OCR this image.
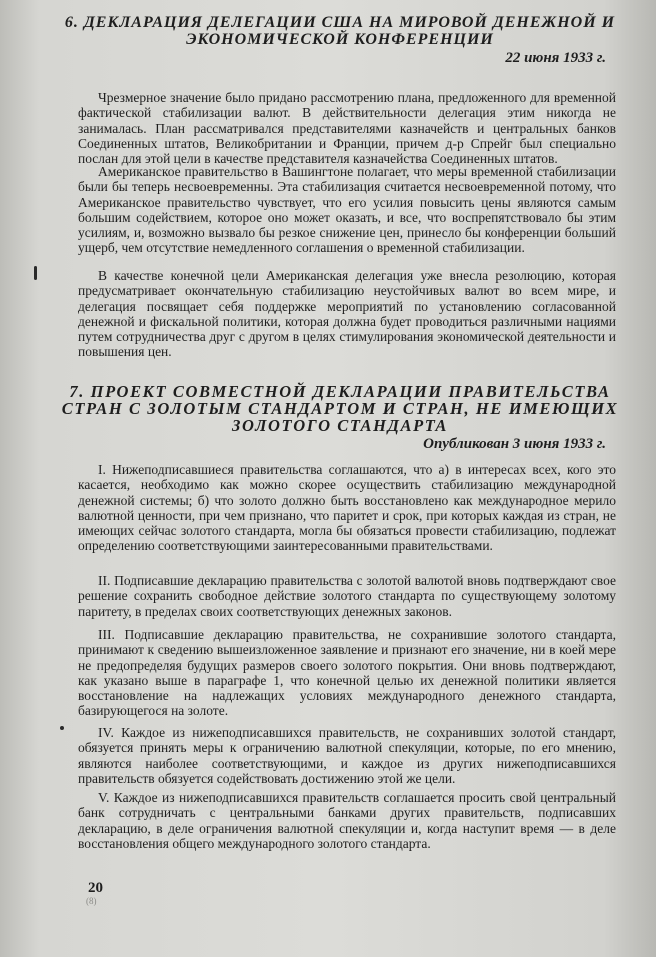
6. ДЕКЛАРАЦИЯ ДЕЛЕГАЦИИ США НА МИРОВОЙ ДЕНЕЖНОЙ И ЭКОНОМИЧЕСКОЙ КОНФЕРЕНЦИИ
22 июня 1933 г.

Чрезмерное значение было придано рассмотрению плана, предложенного для временной фактической стабилизации валют. В действительности делегация этим никогда не занималась. План рассматривался представителями казначейств и центральных банков Соединенных штатов, Великобритании и Франции, причем д-р Спрейг был специально послан для этой цели в качестве представителя казначейства Соединенных штатов.

Американское правительство в Вашингтоне полагает, что меры временной стабилизации были бы теперь несвоевременны. Эта стабилизация считается несвоевременной потому, что Американское правительство чувствует, что его усилия повысить цены являются самым большим содействием, которое оно может оказать, и все, что воспрепятствовало бы этим усилиям, и, возможно вызвало бы резкое снижение цен, принесло бы конференции больший ущерб, чем отсутствие немедленного соглашения о временной стабилизации.

В качестве конечной цели Американская делегация уже внесла резолюцию, которая предусматривает окончательную стабилизацию неустойчивых валют во всем мире, и делегация посвящает себя поддержке мероприятий по установлению согласованной денежной и фискальной политики, которая должна будет проводиться различными нациями путем сотрудничества друг с другом в целях стимулирования экономической деятельности и повышения цен.

7. ПРОЕКТ СОВМЕСТНОЙ ДЕКЛАРАЦИИ ПРАВИТЕЛЬСТВА СТРАН С ЗОЛОТЫМ СТАНДАРТОМ И СТРАН, НЕ ИМЕЮЩИХ ЗОЛОТОГО СТАНДАРТА
Опубликован 3 июня 1933 г.

I. Нижеподписавшиеся правительства соглашаются, что а) в интересах всех, кого это касается, необходимо как можно скорее осуществить стабилизацию международной денежной системы; б) что золото должно быть восстановлено как международное мерило валютной ценности, при чем признано, что паритет и срок, при которых каждая из стран, не имеющих сейчас золотого стандарта, могла бы обязаться провести стабилизацию, подлежат определению соответствующими заинтересованными правительствами.

II. Подписавшие декларацию правительства с золотой валютой вновь подтверждают свое решение сохранить свободное действие золотого стандарта по существующему золотому паритету, в пределах своих соответствующих денежных законов.

III. Подписавшие декларацию правительства, не сохранившие золотого стандарта, принимают к сведению вышеизложенное заявление и признают его значение, ни в коей мере не предопределяя будущих размеров своего золотого покрытия. Они вновь подтверждают, как указано выше в параграфе 1, что конечной целью их денежной политики является восстановление на надлежащих условиях международного денежного стандарта, базирующегося на золоте.

IV. Каждое из нижеподписавшихся правительств, не сохранивших золотой стандарт, обязуется принять меры к ограничению валютной спекуляции, которые, по его мнению, являются наиболее соответствующими, и каждое из других нижеподписавшихся правительств обязуется содействовать достижению этой же цели.

V. Каждое из нижеподписавшихся правительств соглашается просить свой центральный банк сотрудничать с центральными банками других правительств, подписавших декларацию, в деле ограничения валютной спекуляции и, когда наступит время — в деле восстановления общего международного золотого стандарта.

20
(8)
